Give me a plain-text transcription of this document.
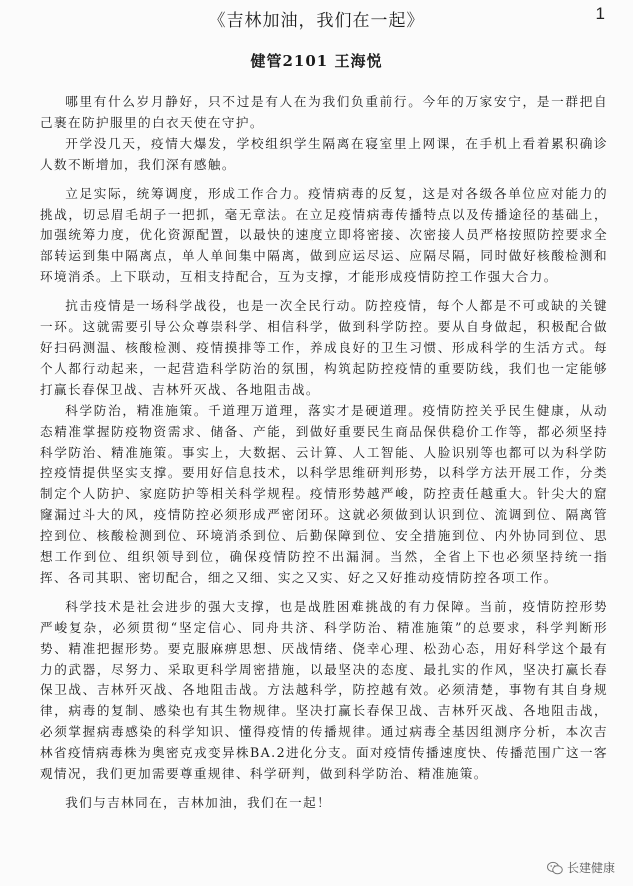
1
《吉林加油，我们在一起》
健管2101 王海悦

哪里有什么岁月静好，只不过是有人在为我们负重前行。今年的万家安宁，是一群把自己裹在防护服里的白衣天使在守护。

开学没几天，疫情大爆发，学校组织学生隔离在寝室里上网课，在手机上看着累积确诊人数不断增加，我们深有感触。

立足实际，统筹调度，形成工作合力。疫情病毒的反复，这是对各级各单位应对能力的挑战，切忌眉毛胡子一把抓，毫无章法。在立足疫情病毒传播特点以及传播途径的基础上，加强统筹力度，优化资源配置，以最快的速度立即将密接、次密接人员严格按照防控要求全部转运到集中隔离点，单人单间集中隔离，做到应运尽运、应隔尽隔，同时做好核酸检测和环境消杀。上下联动，互相支持配合，互为支撑，才能形成疫情防控工作强大合力。

抗击疫情是一场科学战役，也是一次全民行动。防控疫情，每个人都是不可或缺的关键一环。这就需要引导公众尊崇科学、相信科学，做到科学防控。要从自身做起，积极配合做好扫码测温、核酸检测、疫情摸排等工作，养成良好的卫生习惯、形成科学的生活方式。每个人都行动起来，一起营造科学防治的氛围，构筑起防控疫情的重要防线，我们也一定能够打赢长春保卫战、吉林歼灭战、各地阻击战。

科学防治，精准施策。千道理万道理，落实才是硬道理。疫情防控关乎民生健康，从动态精准掌握防疫物资需求、储备、产能，到做好重要民生商品保供稳价工作等，都必须坚持科学防治、精准施策。事实上，大数据、云计算、人工智能、人脸识别等也都可以为科学防控疫情提供坚实支撑。要用好信息技术，以科学思维研判形势，以科学方法开展工作，分类制定个人防护、家庭防护等相关科学规程。疫情形势越严峻，防控责任越重大。针尖大的窟窿漏过斗大的风，疫情防控必须形成严密闭环。这就必须做到认识到位、流调到位、隔离管控到位、核酸检测到位、环境消杀到位、后勤保障到位、安全措施到位、内外协同到位、思想工作到位、组织领导到位，确保疫情防控不出漏洞。当然，全省上下也必须坚持统一指挥、各司其职、密切配合，细之又细、实之又实、好之又好推动疫情防控各项工作。

科学技术是社会进步的强大支撑，也是战胜困难挑战的有力保障。当前，疫情防控形势严峻复杂，必须贯彻“坚定信心、同舟共济、科学防治、精准施策”的总要求，科学判断形势、精准把握形势。要克服麻痹思想、厌战情绪、侥幸心理、松劲心态，用好科学这个最有力的武器，尽努力、采取更科学周密措施，以最坚决的态度、最扎实的作风，坚决打赢长春保卫战、吉林歼灭战、各地阻击战。方法越科学，防控越有效。必须清楚，事物有其自身规律，病毒的复制、感染也有其生物规律。坚决打赢长春保卫战、吉林歼灭战、各地阻击战，必须掌握病毒感染的科学知识、懂得疫情的传播规律。通过病毒全基因组测序分析，本次吉林省疫情病毒株为奥密克戎变异株BA.2进化分支。面对疫情传播速度快、传播范围广这一客观情况，我们更加需要尊重规律、科学研判，做到科学防治、精准施策。

我们与吉林同在，吉林加油，我们在一起！

长建健康
